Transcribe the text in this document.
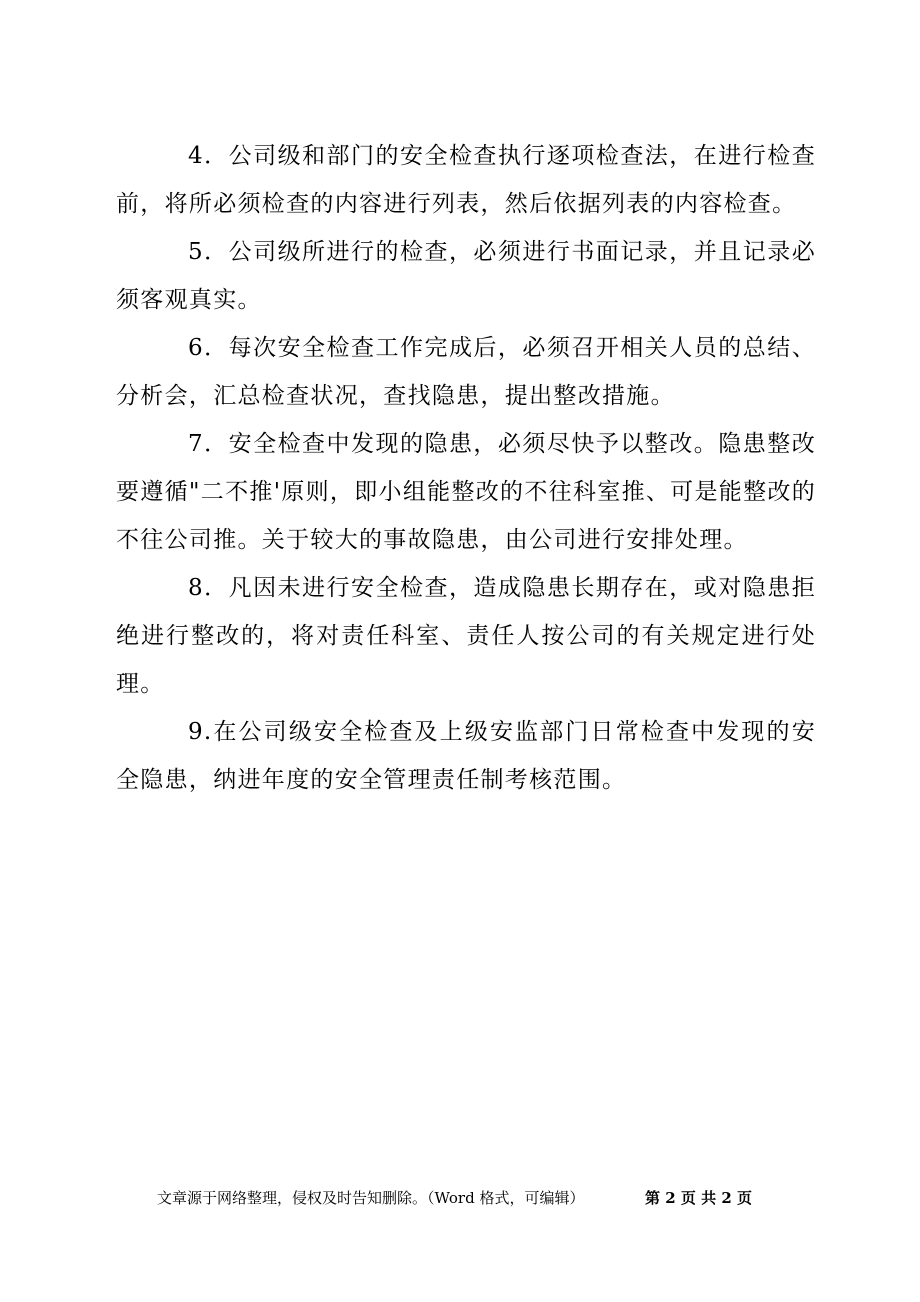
4．公司级和部门的安全检查执行逐项检查法，在进行检查前，将所必须检查的内容进行列表，然后依据列表的内容检查。

5．公司级所进行的检查，必须进行书面记录，并且记录必须客观真实。

6．每次安全检查工作完成后，必须召开相关人员的总结、分析会，汇总检查状况，查找隐患，提出整改措施。

7．安全检查中发现的隐患，必须尽快予以整改。隐患整改要遵循"二不推'原则，即小组能整改的不往科室推、可是能整改的不往公司推。关于较大的事故隐患，由公司进行安排处理。

8．凡因未进行安全检查，造成隐患长期存在，或对隐患拒绝进行整改的，将对责任科室、责任人按公司的有关规定进行处理。

9.在公司级安全检查及上级安监部门日常检查中发现的安全隐患，纳进年度的安全管理责任制考核范围。

文章源于网络整理，侵权及时告知删除。（Word 格式，可编辑）	第 2 页 共 2 页
